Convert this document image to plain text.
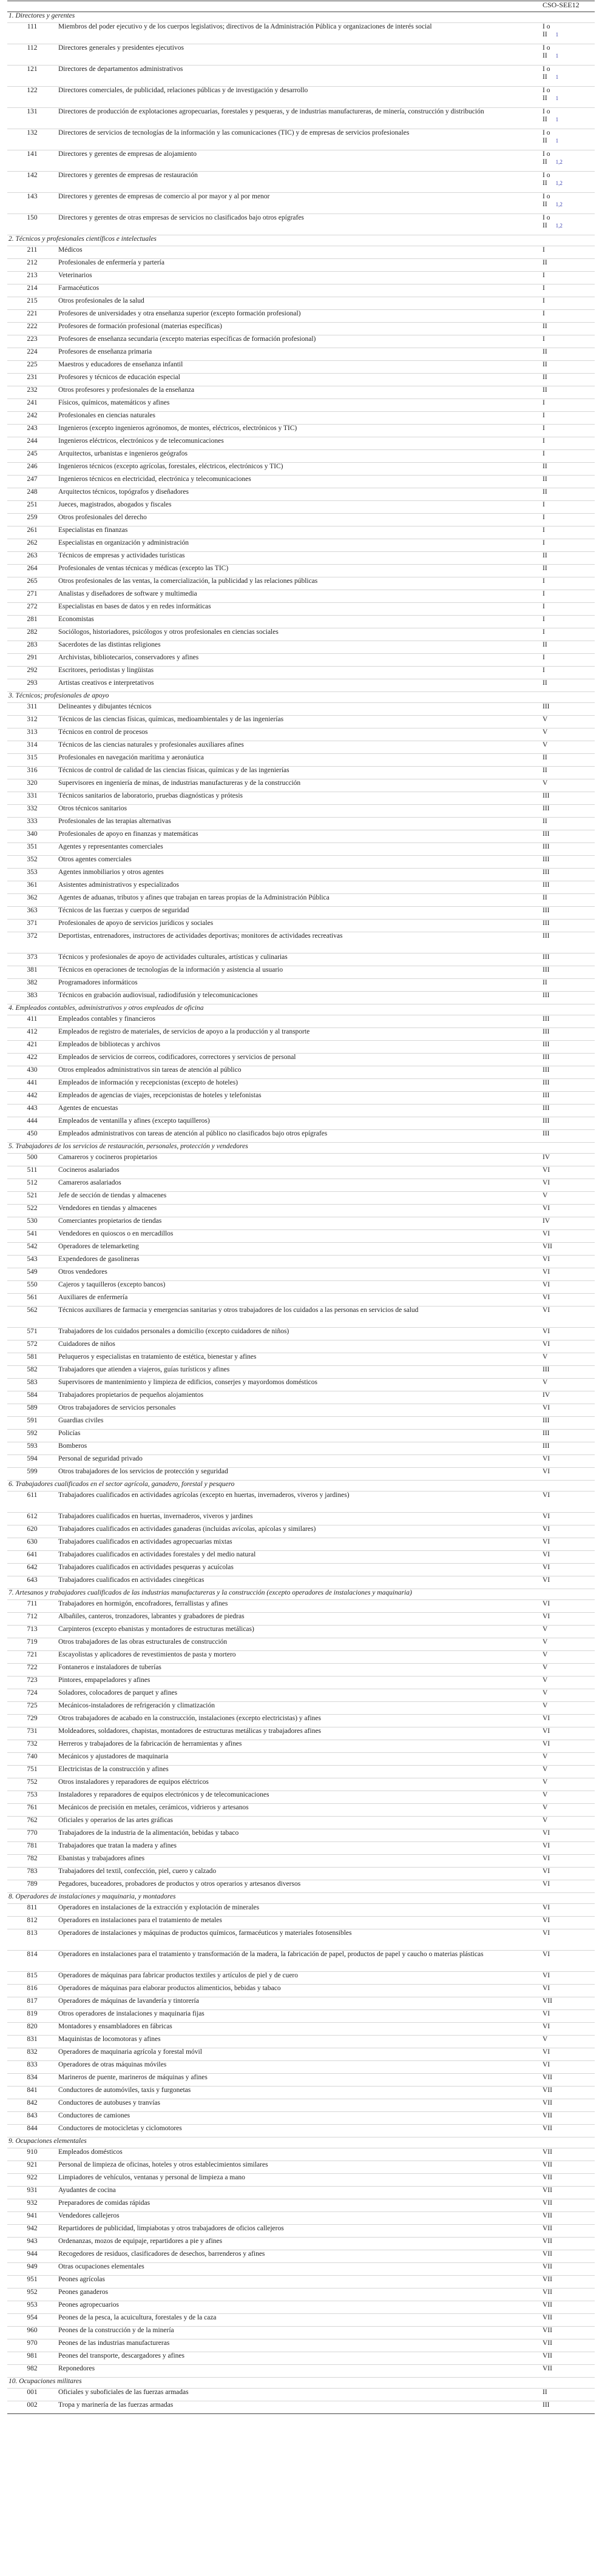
		CSO-SEE12
1. Directores y gerentes		
111	Miembros del poder ejecutivo y de los cuerpos legislativos; directivos de la Administración Pública y organizaciones de interés social	I o
II $^1$
112	Directores generales y presidentes ejecutivos	I o
II $^1$
121	Directores de departamentos administrativos	I o
II $^1$
122	Directores comerciales, de publicidad, relaciones públicas y de investigación y desarrollo	I o
II $^1$
131	Directores de producción de explotaciones agropecuarias, forestales y pesqueras, y de industrias manufactureras, de minería, construcción y distribución	I o
II $^1$
132	Directores de servicios de tecnologías de la información y las comunicaciones (TIC) y de empresas de servicios profesionales	I o
II $^1$
141	Directores y gerentes de empresas de alojamiento	I o
II $^{1,2}$
142	Directores y gerentes de empresas de restauración	I o
II $^{1,2}$
143	Directores y gerentes de empresas de comercio al por mayor y al por menor	I o
II $^{1,2}$
150	Directores y gerentes de otras empresas de servicios no clasificados bajo otros epígrafes	I o
II $^{1,2}$
2. Técnicos y profesionales científicos e intelectuales		
211	Médicos	I
212	Profesionales de enfermería y partería	II
213	Veterinarios	I
214	Farmacéuticos	I
215	Otros profesionales de la salud	I
221	Profesores de universidades y otra enseñanza superior (excepto formación profesional)	I
222	Profesores de formación profesional (materias específicas)	II
223	Profesores de enseñanza secundaria (excepto materias específicas de formación profesional)	I
224	Profesores de enseñanza primaria	II
225	Maestros y educadores de enseñanza infantil	II
231	Profesores y técnicos de educación especial	II
232	Otros profesores y profesionales de la enseñanza	II
241	Físicos, químicos, matemáticos y afines	I
242	Profesionales en ciencias naturales	I
243	Ingenieros (excepto ingenieros agrónomos, de montes, eléctricos, electrónicos y TIC)	I
244	Ingenieros eléctricos, electrónicos y de telecomunicaciones	I
245	Arquitectos, urbanistas e ingenieros geógrafos	I
246	Ingenieros técnicos (excepto agrícolas, forestales, eléctricos, electrónicos y TIC)	II
247	Ingenieros técnicos en electricidad, electrónica y telecomunicaciones	II
248	Arquitectos técnicos, topógrafos y diseñadores	II
251	Jueces, magistrados, abogados y fiscales	I
259	Otros profesionales del derecho	I
261	Especialistas en finanzas	I
262	Especialistas en organización y administración	I
263	Técnicos de empresas y actividades turísticas	II
264	Profesionales de ventas técnicas y médicas (excepto las TIC)	II
265	Otros profesionales de las ventas, la comercialización, la publicidad y las relaciones públicas	I
271	Analistas y diseñadores de software y multimedia	I
272	Especialistas en bases de datos y en redes informáticas	I
281	Economistas	I
282	Sociólogos, historiadores, psicólogos y otros profesionales en ciencias sociales	I
283	Sacerdotes de las distintas religiones	II
291	Archivistas, bibliotecarios, conservadores y afines	I
292	Escritores, periodistas y lingüistas	I
293	Artistas creativos e interpretativos	II
3. Técnicos; profesionales de apoyo		
311	Delineantes y dibujantes técnicos	III
312	Técnicos de las ciencias físicas, químicas, medioambientales y de las ingenierías	V
313	Técnicos en control de procesos	V
314	Técnicos de las ciencias naturales y profesionales auxiliares afines	V
315	Profesionales en navegación marítima y aeronáutica	II
316	Técnicos de control de calidad de las ciencias físicas, químicas y de las ingenierías	II
320	Supervisores en ingeniería de minas, de industrias manufactureras y de la construcción	V
331	Técnicos sanitarios de laboratorio, pruebas diagnósticas y prótesis	III
332	Otros técnicos sanitarios	III
333	Profesionales de las terapias alternativas	II
340	Profesionales de apoyo en finanzas y matemáticas	III
351	Agentes y representantes comerciales	III
352	Otros agentes comerciales	III
353	Agentes inmobiliarios y otros agentes	III
361	Asistentes administrativos y especializados	III
362	Agentes de aduanas, tributos y afines que trabajan en tareas propias de la Administración Pública	II
363	Técnicos de las fuerzas y cuerpos de seguridad	III
371	Profesionales de apoyo de servicios jurídicos y sociales	III
372	Deportistas, entrenadores, instructores de actividades deportivas; monitores de actividades recreativas	III
373	Técnicos y profesionales de apoyo de actividades culturales, artísticas y culinarias	III
381	Técnicos en operaciones de tecnologías de la información y asistencia al usuario	III
382	Programadores informáticos	II
383	Técnicos en grabación audiovisual, radiodifusión y telecomunicaciones	III
4. Empleados contables, administrativos y otros empleados de oficina		
411	Empleados contables y financieros	III
412	Empleados de registro de materiales, de servicios de apoyo a la producción y al transporte	III
421	Empleados de bibliotecas y archivos	III
422	Empleados de servicios de correos, codificadores, correctores y servicios de personal	III
430	Otros empleados administrativos sin tareas de atención al público	III
441	Empleados de información y recepcionistas (excepto de hoteles)	III
442	Empleados de agencias de viajes, recepcionistas de hoteles y telefonistas	III
443	Agentes de encuestas	III
444	Empleados de ventanilla y afines (excepto taquilleros)	III
450	Empleados administrativos con tareas de atención al público no clasificados bajo otros epígrafes	III
5. Trabajadores de los servicios de restauración, personales, protección y vendedores		
500	Camareros y cocineros propietarios	IV
511	Cocineros asalariados	VI
512	Camareros asalariados	VI
521	Jefe de sección de tiendas y almacenes	V
522	Vendedores en tiendas y almacenes	VI
530	Comerciantes propietarios de tiendas	IV
541	Vendedores en quioscos o en mercadillos	VI
542	Operadores de telemarketing	VII
543	Expendedores de gasolineras	VI
549	Otros vendedores	VI
550	Cajeros y taquilleros (excepto bancos)	VI
561	Auxiliares de enfermería	VI
562	Técnicos auxiliares de farmacia y emergencias sanitarias y otros trabajadores de los cuidados a las personas en servicios de salud	VI
571	Trabajadores de los cuidados personales a domicilio (excepto cuidadores de niños)	VI
572	Cuidadores de niños	VI
581	Peluqueros y especialistas en tratamiento de estética, bienestar y afines	V
582	Trabajadores que atienden a viajeros, guías turísticos y afines	III
583	Supervisores de mantenimiento y limpieza de edificios, conserjes y mayordomos domésticos	V
584	Trabajadores propietarios de pequeños alojamientos	IV
589	Otros trabajadores de servicios personales	VI
591	Guardias civiles	III
592	Policías	III
593	Bomberos	III
594	Personal de seguridad privado	VI
599	Otros trabajadores de los servicios de protección y seguridad	VI
6. Trabajadores cualificados en el sector agrícola, ganadero, forestal y pesquero		
611	Trabajadores cualificados en actividades agrícolas (excepto en huertas, invernaderos, viveros y jardines)	VI
612	Trabajadores cualificados en huertas, invernaderos, viveros y jardines	VI
620	Trabajadores cualificados en actividades ganaderas (incluidas avícolas, apícolas y similares)	VI
630	Trabajadores cualificados en actividades agropecuarias mixtas	VI
641	Trabajadores cualificados en actividades forestales y del medio natural	VI
642	Trabajadores cualificados en actividades pesqueras y acuícolas	VI
643	Trabajadores cualificados en actividades cinegéticas	VI
7. Artesanos y trabajadores cualificados de las industrias manufactureras y la construcción (excepto operadores de instalaciones y maquinaria)		
711	Trabajadores en hormigón, encofradores, ferrallistas y afines	VI
712	Albañiles, canteros, tronzadores, labrantes y grabadores de piedras	VI
713	Carpinteros (excepto ebanistas y montadores de estructuras metálicas)	V
719	Otros trabajadores de las obras estructurales de construcción	V
721	Escayolistas y aplicadores de revestimientos de pasta y mortero	V
722	Fontaneros e instaladores de tuberías	V
723	Pintores, empapeladores y afines	V
724	Soladores, colocadores de parquet y afines	V
725	Mecánicos-instaladores de refrigeración y climatización	V
729	Otros trabajadores de acabado en la construcción, instalaciones (excepto electricistas) y afines	VI
731	Moldeadores, soldadores, chapistas, montadores de estructuras metálicas y trabajadores afines	VI
732	Herreros y trabajadores de la fabricación de herramientas y afines	VI
740	Mecánicos y ajustadores de maquinaria	V
751	Electricistas de la construcción y afines	V
752	Otros instaladores y reparadores de equipos eléctricos	V
753	Instaladores y reparadores de equipos electrónicos y de telecomunicaciones	V
761	Mecánicos de precisión en metales, cerámicos, vidrieros y artesanos	V
762	Oficiales y operarios de las artes gráficas	V
770	Trabajadores de la industria de la alimentación, bebidas y tabaco	VI
781	Trabajadores que tratan la madera y afines	VI
782	Ebanistas y trabajadores afines	VI
783	Trabajadores del textil, confección, piel, cuero y calzado	VI
789	Pegadores, buceadores, probadores de productos y otros operarios y artesanos diversos	VI
8. Operadores de instalaciones y maquinaria, y montadores		
811	Operadores en instalaciones de la extracción y explotación de minerales	VI
812	Operadores en instalaciones para el tratamiento de metales	VI
813	Operadores de instalaciones y máquinas de productos químicos, farmacéuticos y materiales fotosensibles	VI
814	Operadores en instalaciones para el tratamiento y transformación de la madera, la fabricación de papel, productos de papel y caucho o materias plásticas	VI
815	Operadores de máquinas para fabricar productos textiles y artículos de piel y de cuero	VI
816	Operadores de máquinas para elaborar productos alimenticios, bebidas y tabaco	VI
817	Operadores de máquinas de lavandería y tintorería	VII
819	Otros operadores de instalaciones y maquinaria fijas	VI
820	Montadores y ensambladores en fábricas	VI
831	Maquinistas de locomotoras y afines	V
832	Operadores de maquinaria agrícola y forestal móvil	VI
833	Operadores de otras máquinas móviles	VI
834	Marineros de puente, marineros de máquinas y afines	VII
841	Conductores de automóviles, taxis y furgonetas	VII
842	Conductores de autobuses y tranvías	VII
843	Conductores de camiones	VII
844	Conductores de motocicletas y ciclomotores	VII
9. Ocupaciones elementales		
910	Empleados domésticos	VII
921	Personal de limpieza de oficinas, hoteles y otros establecimientos similares	VII
922	Limpiadores de vehículos, ventanas y personal de limpieza a mano	VII
931	Ayudantes de cocina	VII
932	Preparadores de comidas rápidas	VII
941	Vendedores callejeros	VII
942	Repartidores de publicidad, limpiabotas y otros trabajadores de oficios callejeros	VII
943	Ordenanzas, mozos de equipaje, repartidores a pie y afines	VII
944	Recogedores de residuos, clasificadores de desechos, barrenderos y afines	VII
949	Otras ocupaciones elementales	VII
951	Peones agrícolas	VII
952	Peones ganaderos	VII
953	Peones agropecuarios	VII
954	Peones de la pesca, la acuicultura, forestales y de la caza	VII
960	Peones de la construcción y de la minería	VII
970	Peones de las industrias manufactureras	VII
981	Peones del transporte, descargadores y afines	VII
982	Reponedores	VII
10. Ocupaciones militares		
001	Oficiales y suboficiales de las fuerzas armadas	II
002	Tropa y marinería de las fuerzas armadas	III
